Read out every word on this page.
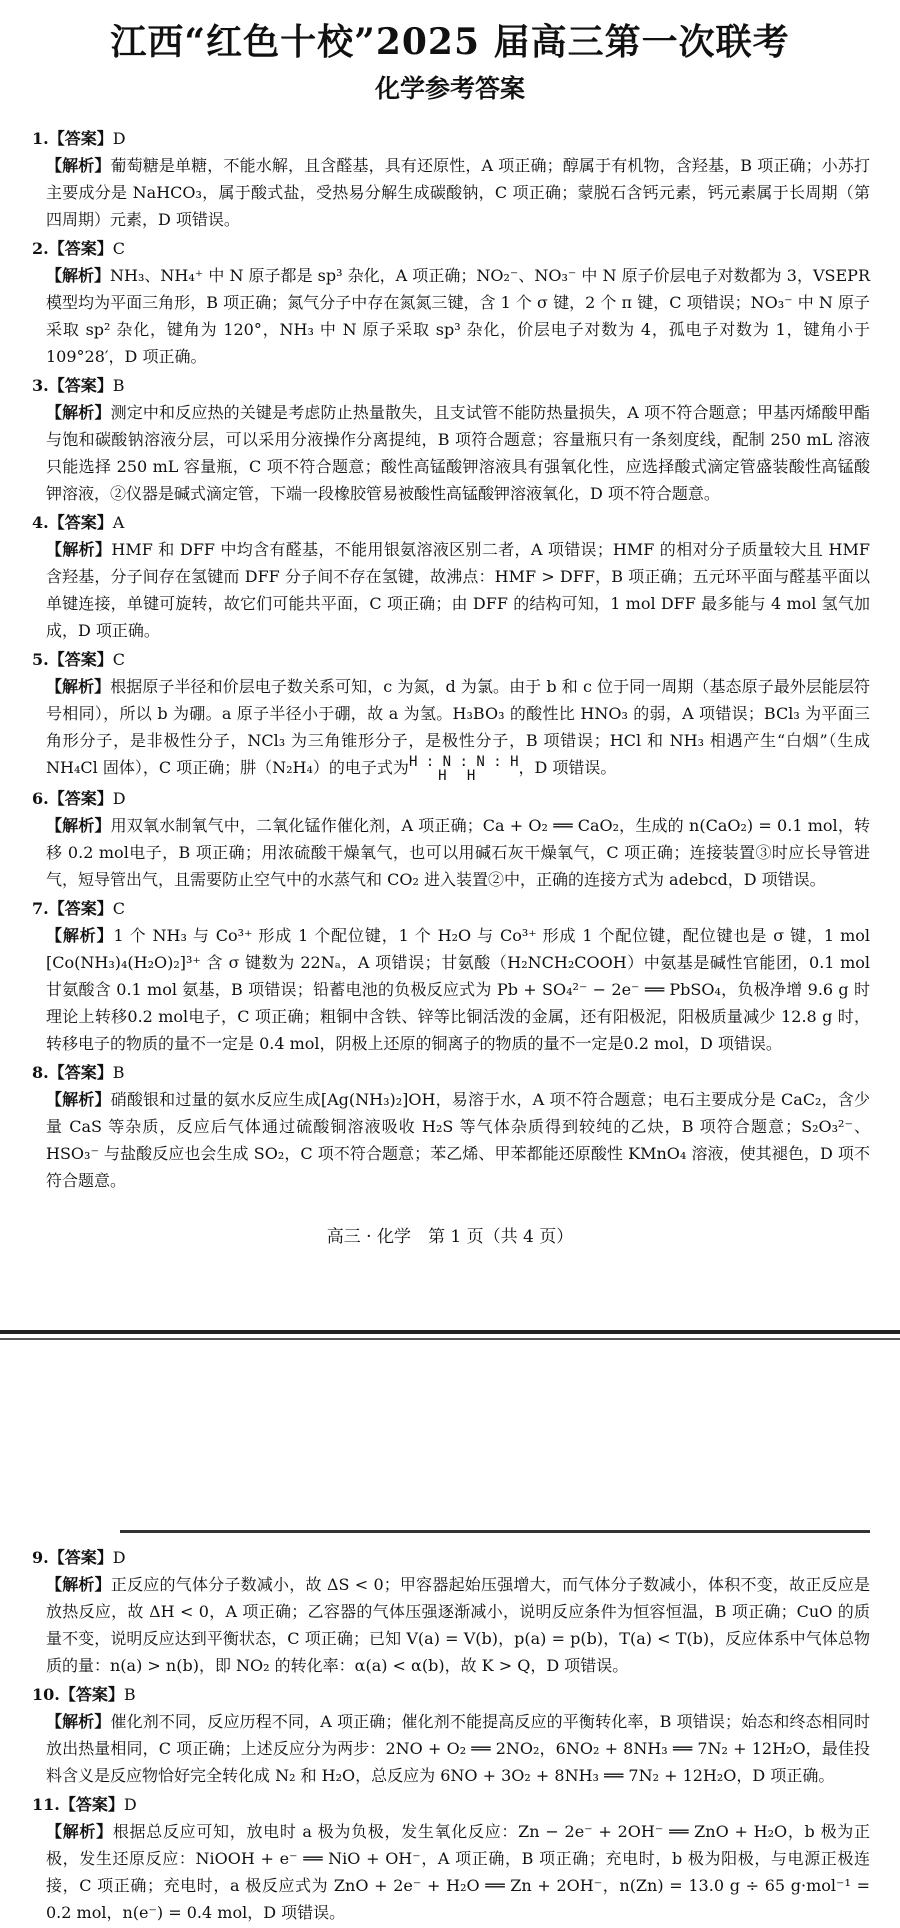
江西“红色十校”2025 届高三第一次联考
化学参考答案

1.【答案】D

【解析】葡萄糖是单糖，不能水解，且含醛基，具有还原性，A 项正确；醇属于有机物，含羟基，B 项正确；小苏打主要成分是 NaHCO₃，属于酸式盐，受热易分解生成碳酸钠，C 项正确；蒙脱石含钙元素，钙元素属于长周期（第四周期）元素，D 项错误。

2.【答案】C

【解析】NH₃、NH₄⁺ 中 N 原子都是 sp³ 杂化，A 项正确；NO₂⁻、NO₃⁻ 中 N 原子价层电子对数都为 3，VSEPR 模型均为平面三角形，B 项正确；氮气分子中存在氮氮三键，含 1 个 σ 键，2 个 π 键，C 项错误；NO₃⁻ 中 N 原子采取 sp² 杂化，键角为 120°，NH₃ 中 N 原子采取 sp³ 杂化，价层电子对数为 4，孤电子对数为 1，键角小于 109°28′，D 项正确。

3.【答案】B

【解析】测定中和反应热的关键是考虑防止热量散失，且支试管不能防热量损失，A 项不符合题意；甲基丙烯酸甲酯与饱和碳酸钠溶液分层，可以采用分液操作分离提纯，B 项符合题意；容量瓶只有一条刻度线，配制 250 mL 溶液只能选择 250 mL 容量瓶，C 项不符合题意；酸性高锰酸钾溶液具有强氧化性，应选择酸式滴定管盛装酸性高锰酸钾溶液，②仪器是碱式滴定管，下端一段橡胶管易被酸性高锰酸钾溶液氧化，D 项不符合题意。

4.【答案】A

【解析】HMF 和 DFF 中均含有醛基，不能用银氨溶液区别二者，A 项错误；HMF 的相对分子质量较大且 HMF 含羟基，分子间存在氢键而 DFF 分子间不存在氢键，故沸点：HMF > DFF，B 项正确；五元环平面与醛基平面以单键连接，单键可旋转，故它们可能共平面，C 项正确；由 DFF 的结构可知，1 mol DFF 最多能与 4 mol 氢气加成，D 项正确。

5.【答案】C

【解析】根据原子半径和价层电子数关系可知，c 为氮，d 为氯。由于 b 和 c 位于同一周期（基态原子最外层能层符号相同），所以 b 为硼。a 原子半径小于硼，故 a 为氢。H₃BO₃ 的酸性比 HNO₃ 的弱，A 项错误；BCl₃ 为平面三角形分子，是非极性分子，NCl₃ 为三角锥形分子，是极性分子，B 项错误；HCl 和 NH₃ 相遇产生“白烟”（生成 NH₄Cl 固体），C 项正确；肼（N₂H₄）的电子式为H : N : N : H
H H	，D 项错误。

6.【答案】D

【解析】用双氧水制氧气中，二氧化锰作催化剂，A 项正确；Ca + O₂ ══ CaO₂，生成的 n(CaO₂) = 0.1 mol，转移 0.2 mol电子，B 项正确；用浓硫酸干燥氧气，也可以用碱石灰干燥氧气，C 项正确；连接装置③时应长导管进气，短导管出气，且需要防止空气中的水蒸气和 CO₂ 进入装置②中，正确的连接方式为 adebcd，D 项错误。

7.【答案】C

【解析】1 个 NH₃ 与 Co³⁺ 形成 1 个配位键，1 个 H₂O 与 Co³⁺ 形成 1 个配位键，配位键也是 σ 键，1 mol [Co(NH₃)₄(H₂O)₂]³⁺ 含 σ 键数为 22Nₐ，A 项错误；甘氨酸（H₂NCH₂COOH）中氨基是碱性官能团，0.1 mol 甘氨酸含 0.1 mol 氨基，B 项错误；铅蓄电池的负极反应式为 Pb + SO₄²⁻ − 2e⁻ ══ PbSO₄，负极净增 9.6 g 时理论上转移0.2 mol电子，C 项正确；粗铜中含铁、锌等比铜活泼的金属，还有阳极泥，阳极质量减少 12.8 g 时，转移电子的物质的量不一定是 0.4 mol，阴极上还原的铜离子的物质的量不一定是0.2 mol，D 项错误。

8.【答案】B

【解析】硝酸银和过量的氨水反应生成[Ag(NH₃)₂]OH，易溶于水，A 项不符合题意；电石主要成分是 CaC₂，含少量 CaS 等杂质，反应后气体通过硫酸铜溶液吸收 H₂S 等气体杂质得到较纯的乙炔，B 项符合题意；S₂O₃²⁻、HSO₃⁻ 与盐酸反应也会生成 SO₂，C 项不符合题意；苯乙烯、甲苯都能还原酸性 KMnO₄ 溶液，使其褪色，D 项不符合题意。

高三 · 化学　第 1 页（共 4 页）

9.【答案】D

【解析】正反应的气体分子数减小，故 ΔS < 0；甲容器起始压强增大，而气体分子数减小，体积不变，故正反应是放热反应，故 ΔH < 0，A 项正确；乙容器的气体压强逐渐减小，说明反应条件为恒容恒温，B 项正确；CuO 的质量不变，说明反应达到平衡状态，C 项正确；已知 V(a) = V(b)，p(a) = p(b)，T(a) < T(b)，反应体系中气体总物质的量：n(a) > n(b)，即 NO₂ 的转化率：α(a) < α(b)，故 K > Q，D 项错误。

10.【答案】B

【解析】催化剂不同，反应历程不同，A 项正确；催化剂不能提高反应的平衡转化率，B 项错误；始态和终态相同时放出热量相同，C 项正确；上述反应分为两步：2NO + O₂ ══ 2NO₂，6NO₂ + 8NH₃ ══ 7N₂ + 12H₂O，最佳投料含义是反应物恰好完全转化成 N₂ 和 H₂O，总反应为 6NO + 3O₂ + 8NH₃ ══ 7N₂ + 12H₂O，D 项正确。

11.【答案】D

【解析】根据总反应可知，放电时 a 极为负极，发生氧化反应：Zn − 2e⁻ + 2OH⁻ ══ ZnO + H₂O，b 极为正极，发生还原反应：NiOOH + e⁻ ══ NiO + OH⁻，A 项正确，B 项正确；充电时，b 极为阳极，与电源正极连接，C 项正确；充电时，a 极反应式为 ZnO + 2e⁻ + H₂O ══ Zn + 2OH⁻，n(Zn) = 13.0 g ÷ 65 g·mol⁻¹ = 0.2 mol，n(e⁻) = 0.4 mol，D 项错误。
